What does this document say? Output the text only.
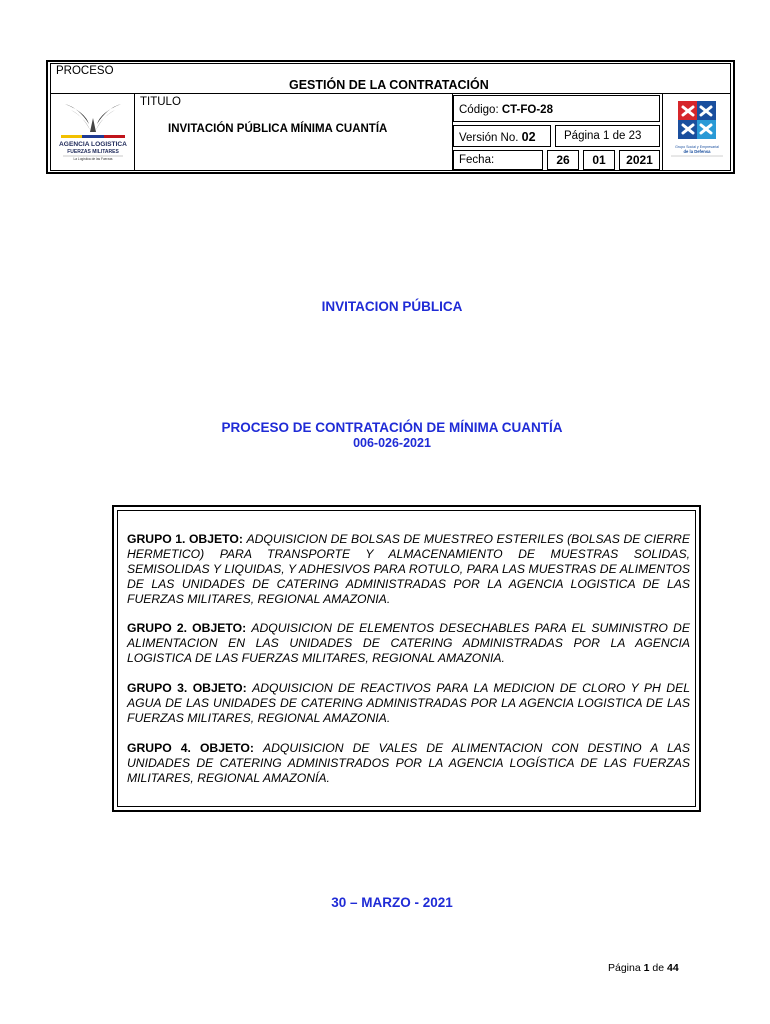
PROCESO
GESTIÓN DE LA CONTRATACIÓN
AGENCIA LOGISTICA
FUERZAS MILITARES
La Logística de las Fuerzas
TITULO
INVITACIÓN PÚBLICA MÍNIMA CUANTÍA
Código: CT-FO-28
Versión No. 02 Página 1 de 23
Fecha:	26	01	2021
Grupo Social y Empresarial
de la Defensa
INVITACION PÚBLICA
PROCESO DE CONTRATACIÓN DE MÍNIMA CUANTÍA
006-026-2021
GRUPO 1. OBJETO: ADQUISICION DE BOLSAS DE MUESTREO ESTERILES (BOLSAS DE CIERRE HERMETICO) PARA TRANSPORTE Y ALMACENAMIENTO DE MUESTRAS SOLIDAS, SEMISOLIDAS Y LIQUIDAS, Y ADHESIVOS PARA ROTULO, PARA LAS MUESTRAS DE ALIMENTOS DE LAS UNIDADES DE CATERING ADMINISTRADAS POR LA AGENCIA LOGISTICA DE LAS FUERZAS MILITARES, REGIONAL AMAZONIA.
GRUPO 2. OBJETO: ADQUISICION DE ELEMENTOS DESECHABLES PARA EL SUMINISTRO DE ALIMENTACION EN LAS UNIDADES DE CATERING ADMINISTRADAS POR LA AGENCIA LOGISTICA DE LAS FUERZAS MILITARES, REGIONAL AMAZONIA.
GRUPO 3. OBJETO: ADQUISICION DE REACTIVOS PARA LA MEDICION DE CLORO Y PH DEL AGUA DE LAS UNIDADES DE CATERING ADMINISTRADAS POR LA AGENCIA LOGISTICA DE LAS FUERZAS MILITARES, REGIONAL AMAZONIA.
GRUPO 4. OBJETO: ADQUISICION DE VALES DE ALIMENTACION CON DESTINO A LAS UNIDADES DE CATERING ADMINISTRADOS POR LA AGENCIA LOGÍSTICA DE LAS FUERZAS MILITARES, REGIONAL AMAZONÍA.
30 – MARZO - 2021
Página 1 de 44
